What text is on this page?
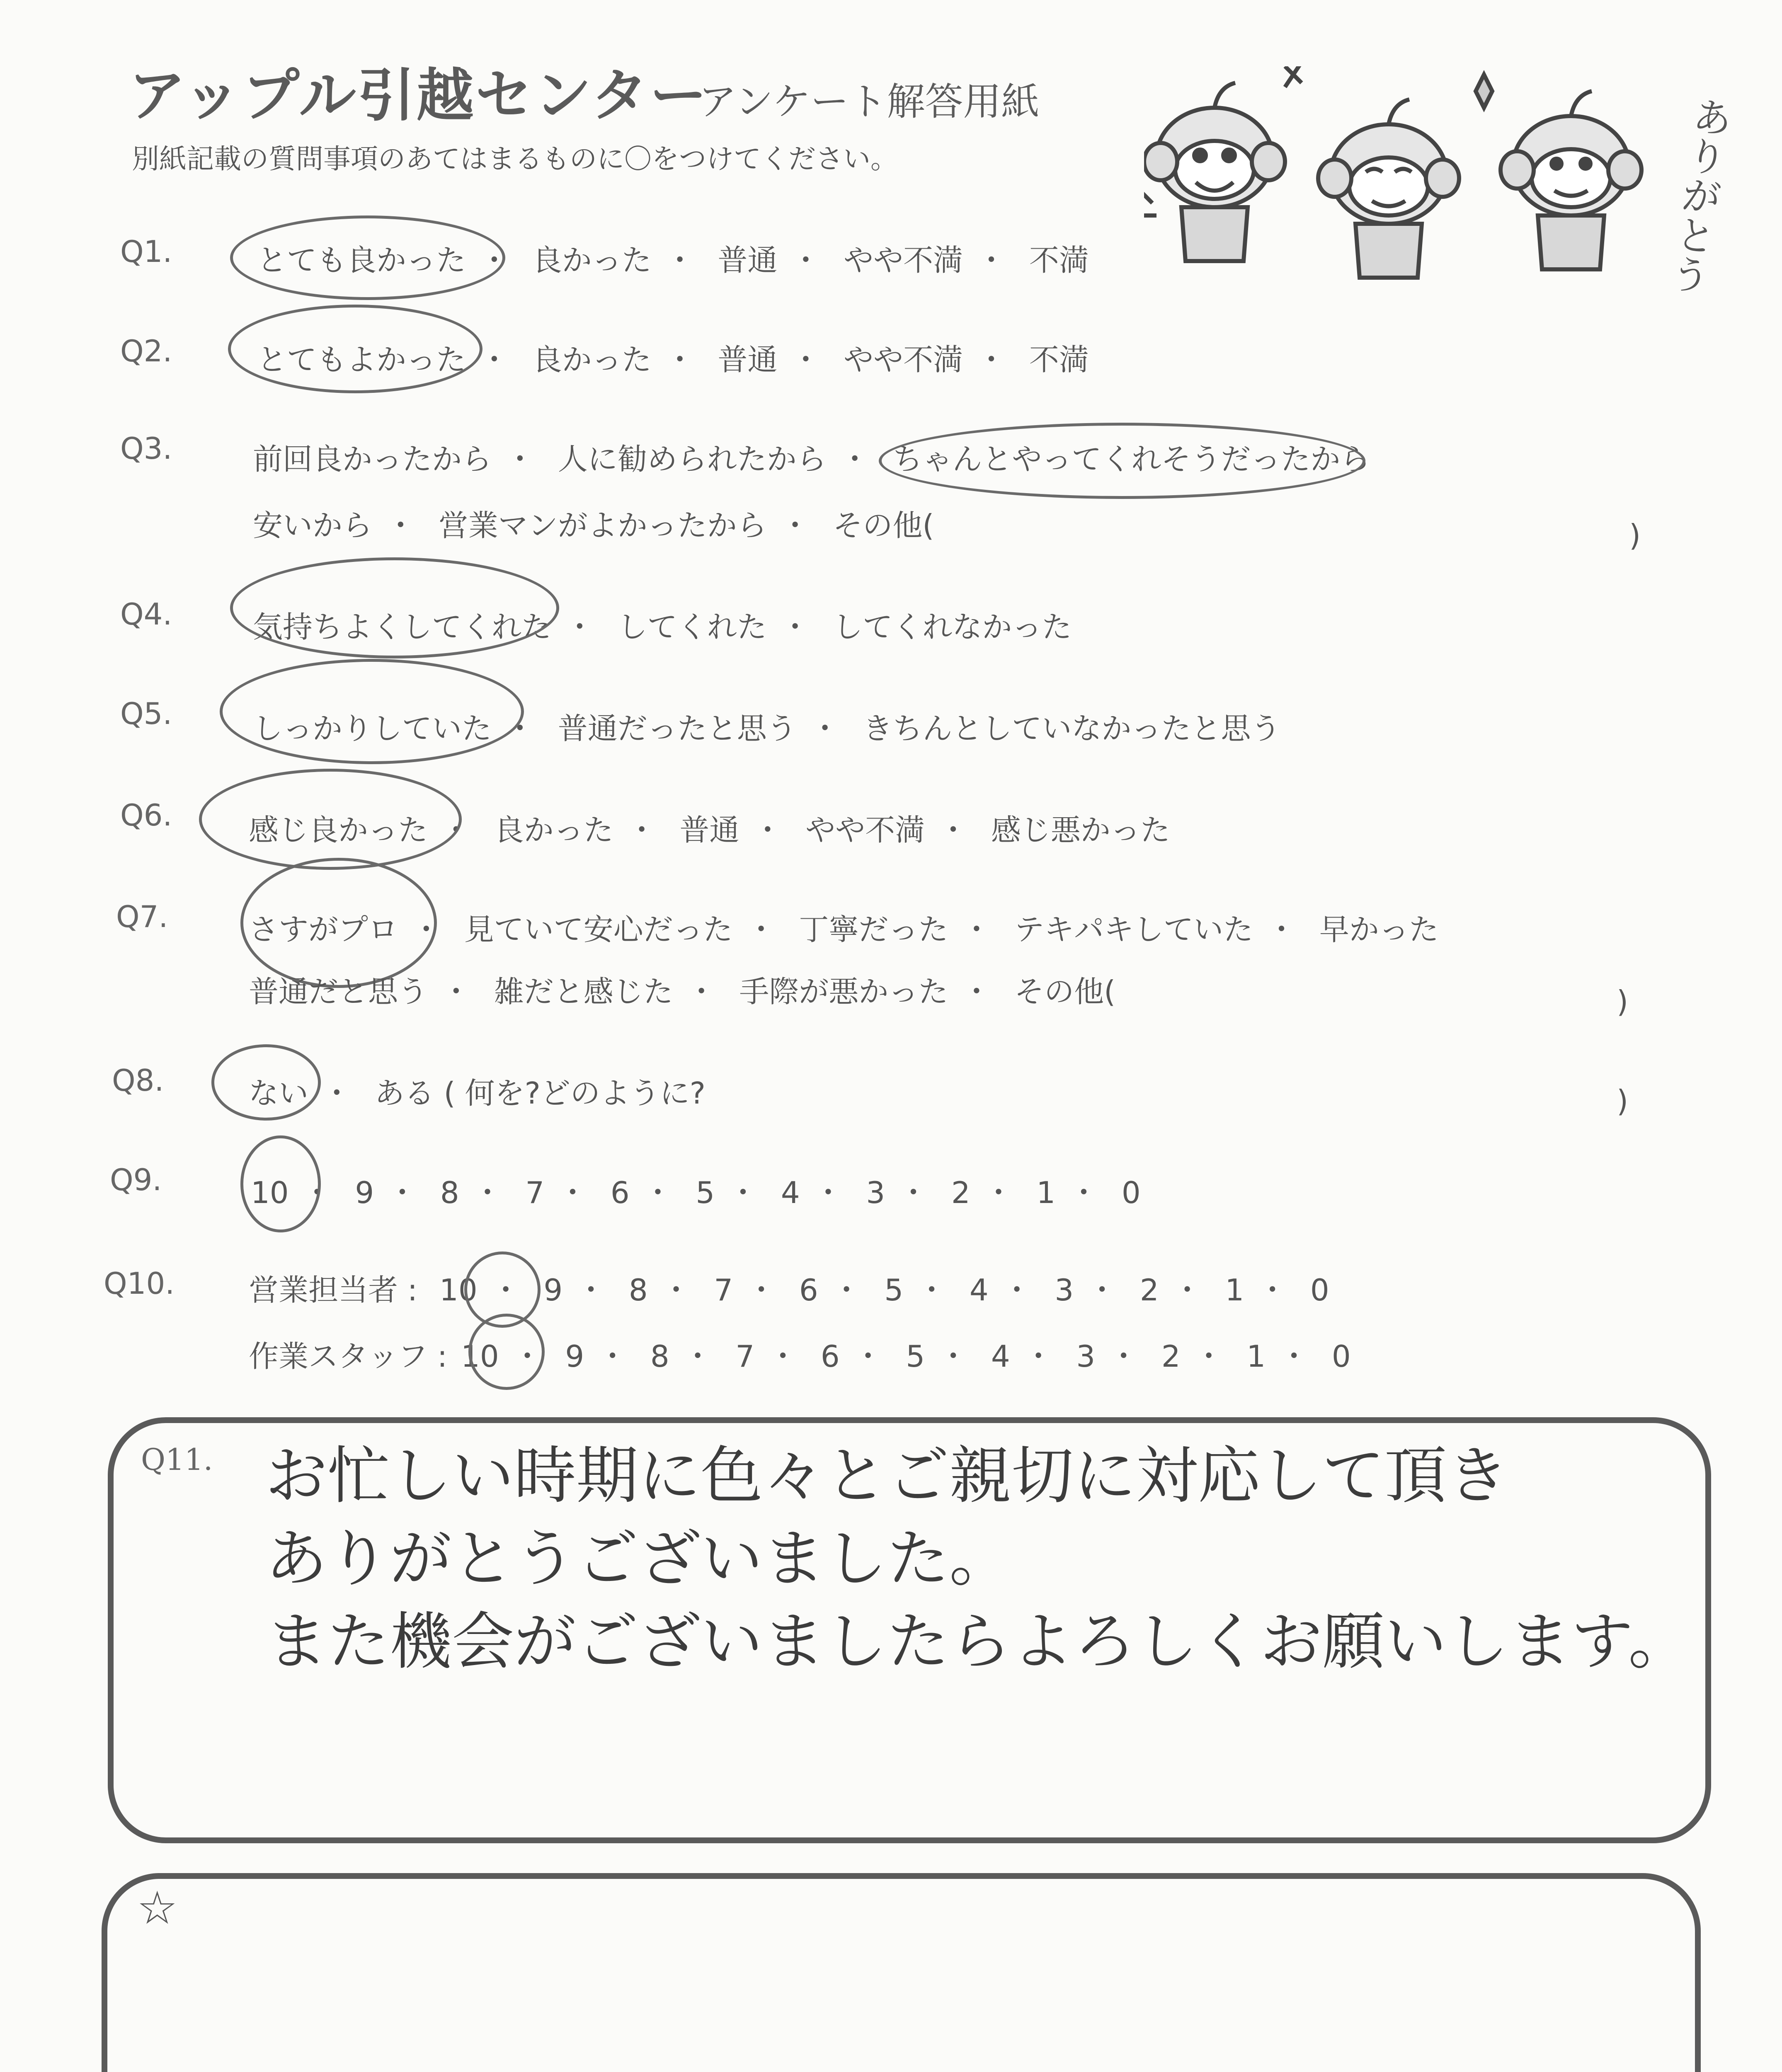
アップル引越センター
アンケート解答用紙
別紙記載の質問事項のあてはまるものに〇をつけてください。	ありがとう
Q1.	とても良かった ・ 良かった ・ 普通 ・ やや不満 ・ 不満
Q2.	とてもよかった ・ 良かった ・ 普通 ・ やや不満 ・ 不満
Q3.	前回良かったから ・ 人に勧められたから ・ ちゃんとやってくれそうだったから
安いから ・ 営業マンがよかったから ・ その他(	)
Q4.	気持ちよくしてくれた ・ してくれた ・ してくれなかった
Q5.	しっかりしていた ・ 普通だったと思う ・ きちんとしていなかったと思う
Q6.	感じ良かった ・ 良かった ・ 普通 ・ やや不満 ・ 感じ悪かった
Q7.	さすがプロ ・ 見ていて安心だった ・ 丁寧だった ・ テキパキしていた ・ 早かった
普通だと思う ・ 雑だと感じた ・ 手際が悪かった ・ その他(	)
Q8.	ない ・ ある ( 何を?どのように?	)
Q9.	10 ・ 9 ・ 8 ・ 7 ・ 6 ・ 5 ・ 4 ・ 3 ・ 2 ・ 1 ・ 0
Q10. 営業担当者 : 10 ・ 9 ・ 8 ・ 7 ・ 6 ・ 5 ・ 4 ・ 3 ・ 2 ・ 1 ・ 0
作業スタッフ : 10 ・ 9 ・ 8 ・ 7 ・ 6 ・ 5 ・ 4 ・ 3 ・ 2 ・ 1 ・ 0
Q11. お忙しい時期に色々とご親切に対応して頂き
ありがとうございました。
また機会がございましたらよろしくお願いします。
☆
